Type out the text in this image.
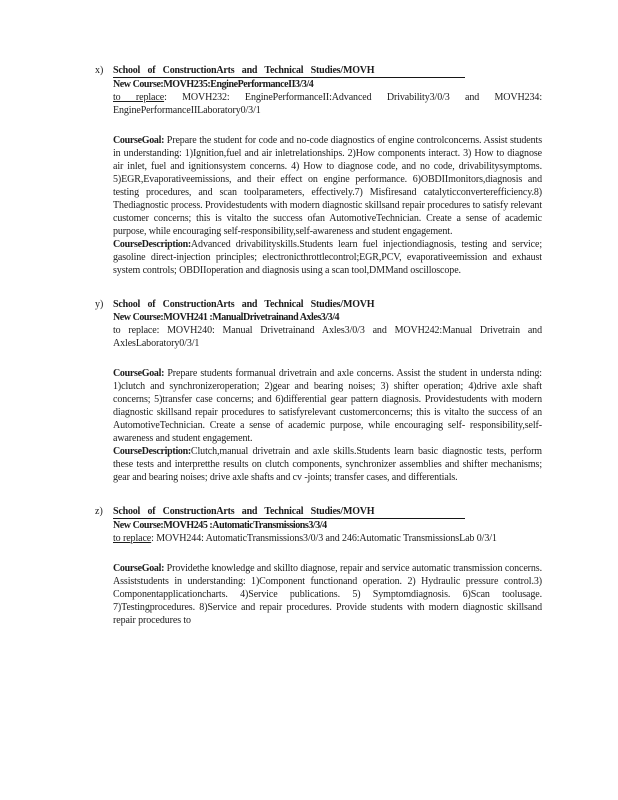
x) School of ConstructionArts and Technical Studies/MOVH
New Course:MOVH235:EnginePerformanceII3/3/4

to replace: MOVH232: EnginePerformanceII:Advanced Drivability3/0/3 and MOVH234: EnginePerformanceIILaboratory0/3/1

CourseGoal: Prepare the student for code and no-code diagnostics of engine controlconcerns. Assist students in understanding: 1)Ignition,fuel and air inletrelationships. 2)How components interact. 3) How to diagnose air inlet, fuel and ignitionsystem concerns. 4) How to diagnose code, and no code, drivabilitysymptoms. 5)EGR,Evaporativeemissions, and their effect on engine performance. 6)OBDIImonitors,diagnosis and testing procedures, and scan toolparameters, effectively.7) Misfiresand catalyticconverterefficiency.8) Thediagnostic process. Providestudents with modern diagnostic skillsand repair procedures to satisfy relevant customer concerns; this is vitalto the success ofan AutomotiveTechnician. Create a sense of academic purpose, while encouraging self-responsibility,self-awareness and student engagement.

CourseDescription:Advanced drivabilityskills.Students learn fuel injectiondiagnosis, testing and service; gasoline direct-injection principles; electronicthrottlecontrol;EGR,PCV, evaporativeemission and exhaust system controls; OBDIIoperation and diagnosis using a scan tool,DMMand oscilloscope.

y) School of ConstructionArts and Technical Studies/MOVH
New Course:MOVH241 :ManualDrivetrainand Axles3/3/4

to replace: MOVH240: Manual Drivetrainand Axles3/0/3 and MOVH242:Manual Drivetrain and AxlesLaboratory0/3/1

CourseGoal: Prepare students formanual drivetrain and axle concerns. Assist the student in understa nding: 1)clutch and synchronizeroperation; 2)gear and bearing noises; 3) shifter operation; 4)drive axle shaft concerns; 5)transfer case concerns; and 6)differential gear pattern diagnosis. Providestudents with modern diagnostic skillsand repair procedures to satisfyrelevant customerconcerns; this is vitalto the success of an AutomotiveTechnician. Create a sense of academic purpose, while encouraging self- responsibility,self-awareness and student engagement.

CourseDescription:Clutch,manual drivetrain and axle skills.Students learn basic diagnostic tests, perform these tests and interpretthe results on clutch components, synchronizer assemblies and shifter mechanisms; gear and bearing noises; drive axle shafts and cv -joints; transfer cases, and differentials.

z) School of ConstructionArts and Technical Studies/MOVH
New Course:MOVH245 :AutomaticTransmissions3/3/4

to replace: MOVH244: AutomaticTransmissions3/0/3 and 246:Automatic TransmissionsLab 0/3/1

CourseGoal: Providethe knowledge and skillto diagnose, repair and service automatic transmission concerns. Assiststudents in understanding: 1)Component functionand operation. 2) Hydraulic pressure control.3) Componentapplicationcharts. 4)Service publications. 5) Symptomdiagnosis. 6)Scan toolusage. 7)Testingprocedures. 8)Service and repair procedures. Provide students with modern diagnostic skillsand repair procedures to
